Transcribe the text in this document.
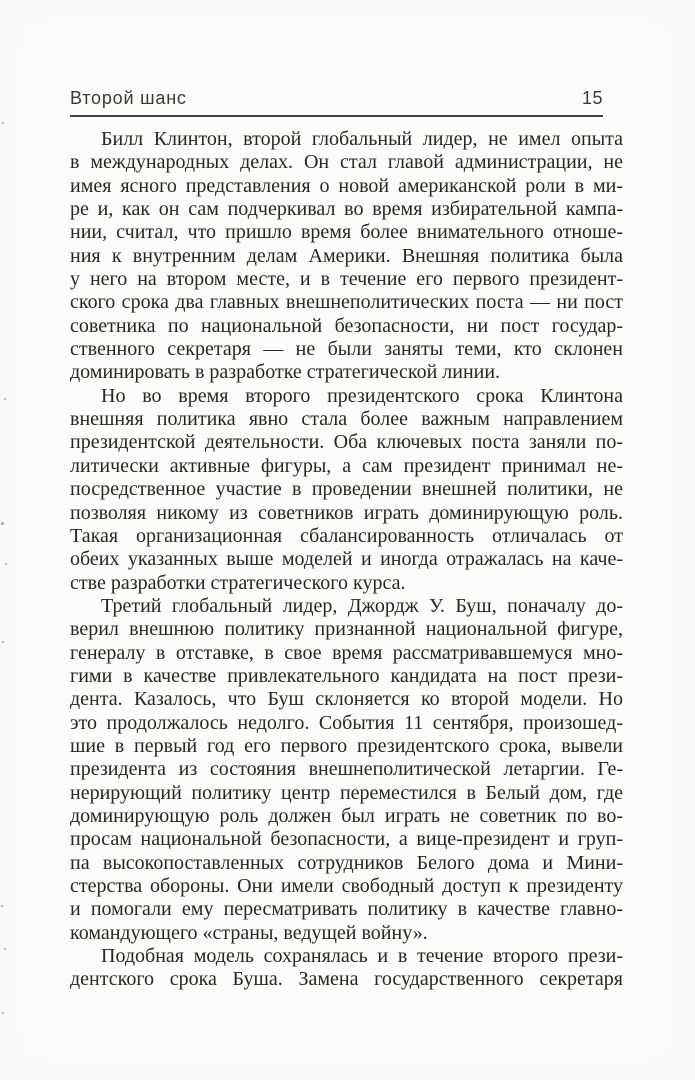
Второй шанс	15
Билл Клинтон, второй глобальный лидер, не имел опыта
в международных делах. Он стал главой администрации, не
имея ясного представления о новой американской роли в ми-
ре и, как он сам подчеркивал во время избирательной кампа-
нии, считал, что пришло время более внимательного отноше-
ния к внутренним делам Америки. Внешняя политика была
у него на втором месте, и в течение его первого президент-
ского срока два главных внешнеполитических поста — ни пост
советника по национальной безопасности, ни пост государ-
ственного секретаря — не были заняты теми, кто склонен
доминировать в разработке стратегической линии.
Но во время второго президентского срока Клинтона
внешняя политика явно стала более важным направлением
президентской деятельности. Оба ключевых поста заняли по-
литически активные фигуры, а сам президент принимал не-
посредственное участие в проведении внешней политики, не
позволяя никому из советников играть доминирующую роль.
Такая организационная сбалансированность отличалась от
обеих указанных выше моделей и иногда отражалась на каче-
стве разработки стратегического курса.
Третий глобальный лидер, Джордж У. Буш, поначалу до-
верил внешнюю политику признанной национальной фигуре,
генералу в отставке, в свое время рассматривавшемуся мно-
гими в качестве привлекательного кандидата на пост прези-
дента. Казалось, что Буш склоняется ко второй модели. Но
это продолжалось недолго. События 11 сентября, произошед-
шие в первый год его первого президентского срока, вывели
президента из состояния внешнеполитической летаргии. Ге-
нерирующий политику центр переместился в Белый дом, где
доминирующую роль должен был играть не советник по во-
просам национальной безопасности, а вице-президент и груп-
па высокопоставленных сотрудников Белого дома и Мини-
стерства обороны. Они имели свободный доступ к президенту
и помогали ему пересматривать политику в качестве главно-
командующего «страны, ведущей войну».
Подобная модель сохранялась и в течение второго прези-
дентского срока Буша. Замена государственного секретаря
